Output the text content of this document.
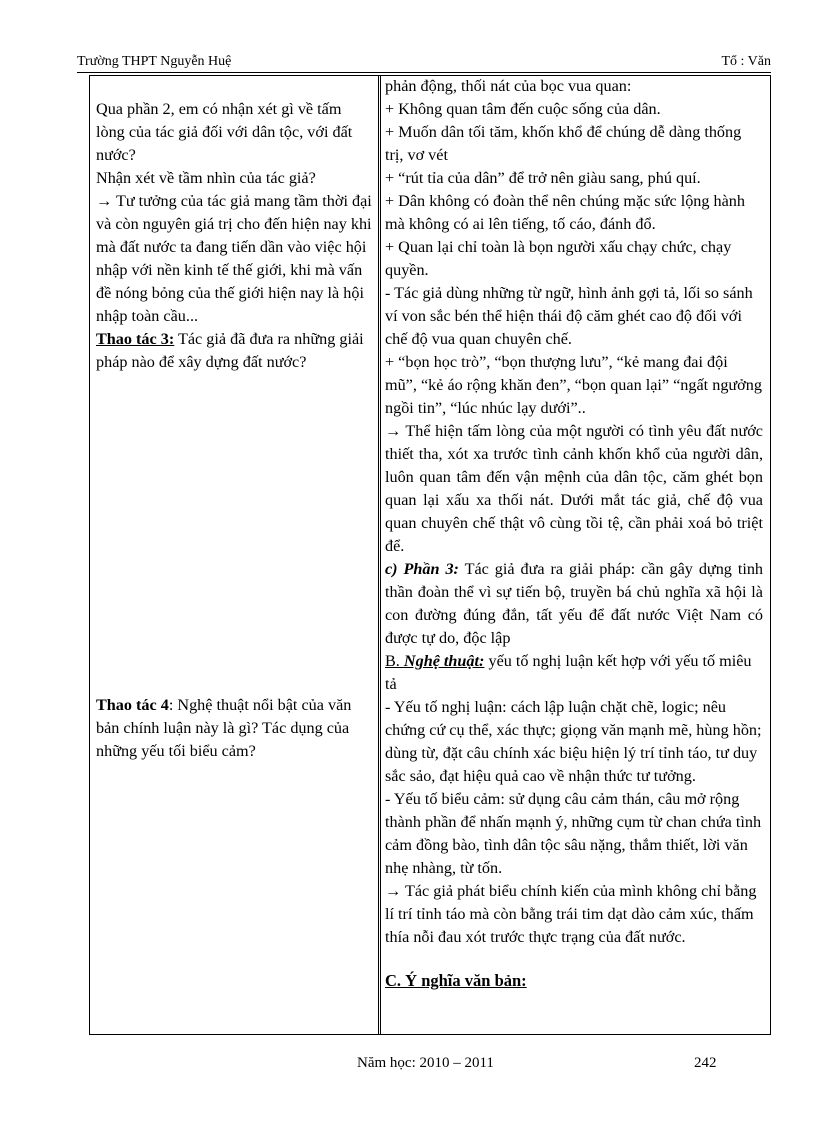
Trường THPT Nguyễn Huệ	Tổ : Văn

Qua phần 2, em có nhận xét gì về tấm lòng của tác giả đối với dân tộc, với đất nước?

Nhận xét về tầm nhìn của tác giả?

→ Tư tưởng của tác giả mang tầm thời đại và còn nguyên giá trị cho đến hiện nay khi mà đất nước ta đang tiến dần vào việc hội nhập với nền kinh tế thế giới, khi mà vấn đề nóng bỏng của thế giới hiện nay là hội nhập toàn cầu...

Thao tác 3: Tác giả đã đưa ra những giải pháp nào để xây dựng đất nước?

Thao tác 4: Nghệ thuật nổi bật của văn bản chính luận này là gì? Tác dụng của những yếu tối biểu cảm?

phản động, thối nát của bọc vua quan:

+ Không quan tâm đến cuộc sống của dân.

+ Muốn dân tối tăm, khốn khổ để chúng dễ dàng thống trị, vơ vét

+ “rút tỉa của dân” để trở nên giàu sang, phú quí.

+ Dân không có đoàn thể nên chúng mặc sức lộng hành mà không có ai lên tiếng, tố cáo, đánh đổ.

+ Quan lại chỉ toàn là bọn người xấu chạy chức, chạy quyền.

- Tác giả dùng những từ ngữ, hình ảnh gợi tả, lối so sánh ví von sắc bén thể hiện thái độ căm ghét cao độ đối với chế độ vua quan chuyên chế.

+ “bọn học trò”, “bọn thượng lưu”, “kẻ mang đai đội mũ”, “kẻ áo rộng khăn đen”, “bọn quan lại” “ngất ngưởng ngồi tin”, “lúc nhúc lạy dưới”..

→ Thể hiện tấm lòng của một người có tình yêu đất nước thiết tha, xót xa trước tình cảnh khốn khổ của người dân, luôn quan tâm đến vận mệnh của dân tộc, căm ghét bọn quan lại xấu xa thối nát. Dưới mắt tác giả, chế độ vua quan chuyên chế thật vô cùng tồi tệ, cần phải xoá bỏ triệt để.

c) Phần 3: Tác giả đưa ra giải pháp: cần gây dựng tinh thần đoàn thể vì sự tiến bộ, truyền bá chủ nghĩa xã hội là con đường đúng đắn, tất yếu để đất nước Việt Nam có được tự do, độc lập

B. Nghệ thuật: yếu tố nghị luận kết hợp với yếu tố miêu tả

- Yếu tố nghị luận: cách lập luận chặt chẽ, logic; nêu chứng cứ cụ thể, xác thực; giọng văn mạnh mẽ, hùng hồn; dùng từ, đặt câu chính xác biệu hiện lý trí tỉnh táo, tư duy sắc sảo, đạt hiệu quả cao về nhận thức tư tưởng.

- Yếu tố biểu cảm: sử dụng câu cảm thán, câu mở rộng thành phần để nhấn mạnh ý, những cụm từ chan chứa tình cảm đồng bào, tình dân tộc sâu nặng, thắm thiết, lời văn nhẹ nhàng, từ tốn.

→ Tác giả phát biểu chính kiến của mình không chỉ bằng lí trí tỉnh táo mà còn bằng trái tim dạt dào cảm xúc, thấm thía nỗi đau xót trước thực trạng của đất nước.

C. Ý nghĩa văn bản:

Năm học: 2010 – 2011	242
